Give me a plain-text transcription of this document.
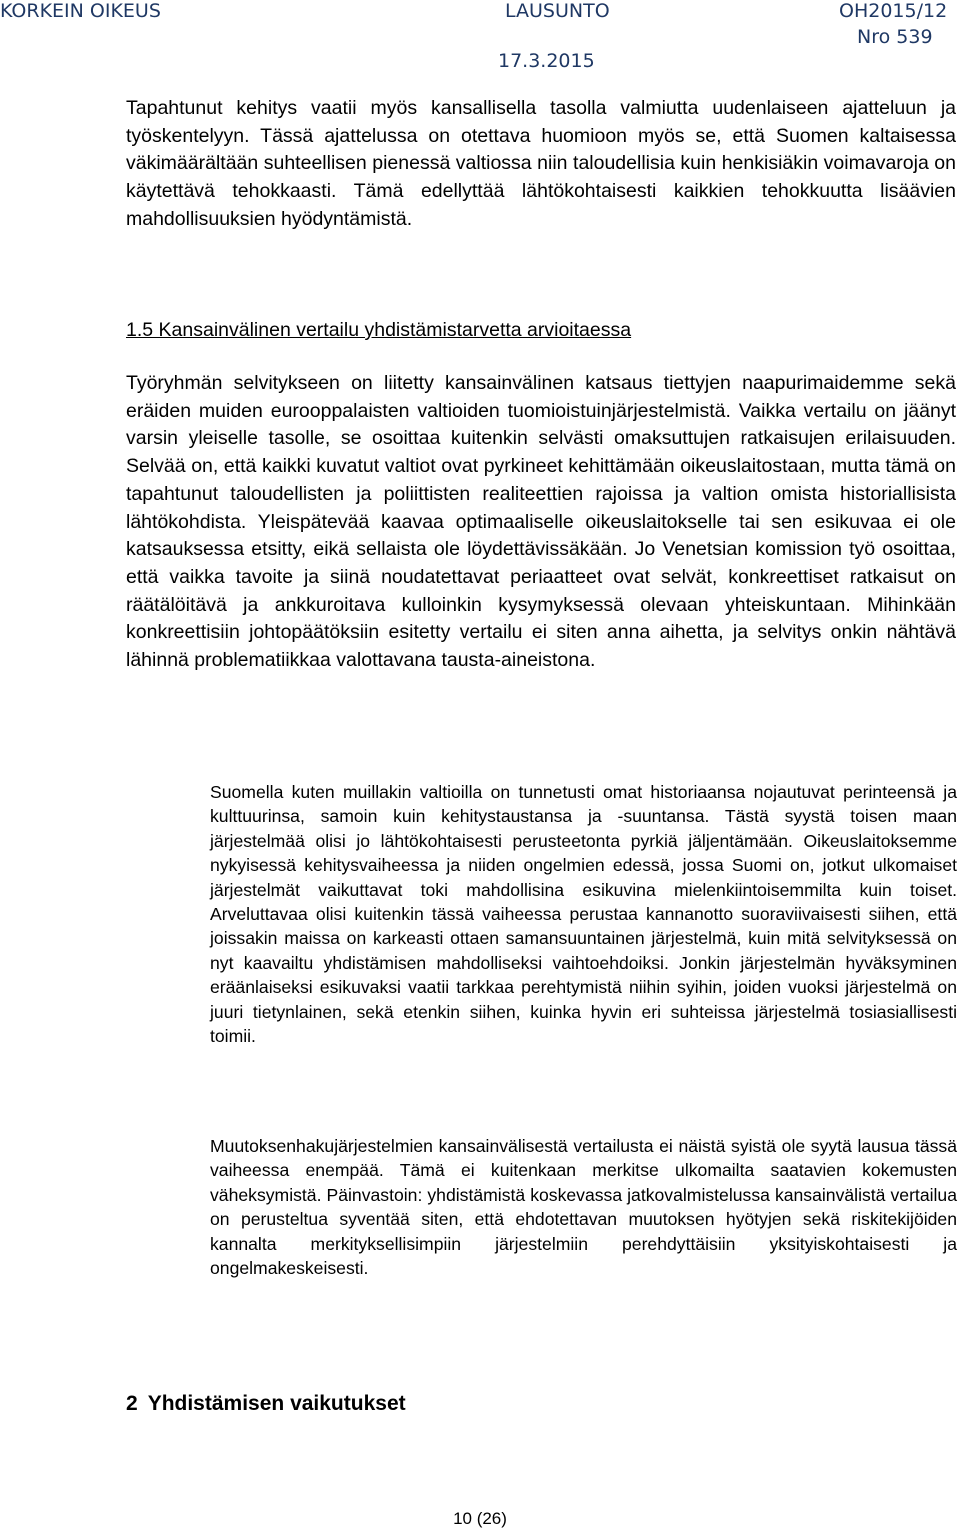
KORKEIN OIKEUS	LAUSUNTO	OH2015/12
Nro 539
17.3.2015

Tapahtunut kehitys vaatii myös kansallisella tasolla valmiutta uudenlaiseen ajatteluun ja työskentelyyn. Tässä ajattelussa on otettava huomioon myös se, että Suomen kaltaisessa väkimäärältään suhteellisen pienessä valtiossa niin taloudellisia kuin henkisiäkin voimavaroja on käytettävä tehokkaasti. Tämä edellyttää lähtökohtaisesti kaikkien tehokkuutta lisäävien mahdollisuuksien hyödyntämistä.

1.5 Kansainvälinen vertailu yhdistämistarvetta arvioitaessa

Työryhmän selvitykseen on liitetty kansainvälinen katsaus tiettyjen naapurimaidemme sekä eräiden muiden eurooppalaisten valtioiden tuomioistuinjärjestelmistä. Vaikka vertailu on jäänyt varsin yleiselle tasolle, se osoittaa kuitenkin selvästi omaksuttujen ratkaisujen erilaisuuden. Selvää on, että kaikki kuvatut valtiot ovat pyrkineet kehittämään oikeuslaitostaan, mutta tämä on tapahtunut taloudellisten ja poliittisten realiteettien rajoissa ja valtion omista historiallisista lähtökohdista. Yleispätevää kaavaa optimaaliselle oikeuslaitokselle tai sen esikuvaa ei ole katsauksessa etsitty, eikä sellaista ole löydettävissäkään. Jo Venetsian komission työ osoittaa, että vaikka tavoite ja siinä noudatettavat periaatteet ovat selvät, konkreettiset ratkaisut on räätälöitävä ja ankkuroitava kulloinkin kysymyksessä olevaan yhteiskuntaan. Mihinkään konkreettisiin johtopäätöksiin esitetty vertailu ei siten anna aihetta, ja selvitys onkin nähtävä lähinnä problematiikkaa valottavana tausta-aineistona.

Suomella kuten muillakin valtioilla on tunnetusti omat historiaansa nojautuvat perinteensä ja kulttuurinsa, samoin kuin kehitystaustansa ja -suuntansa. Tästä syystä toisen maan järjestelmää olisi jo lähtökohtaisesti perusteetonta pyrkiä jäljentämään. Oikeuslaitoksemme nykyisessä kehitysvaiheessa ja niiden ongelmien edessä, jossa Suomi on, jotkut ulkomaiset järjestelmät vaikuttavat toki mahdollisina esikuvina mielenkiintoisemmilta kuin toiset. Arveluttavaa olisi kuitenkin tässä vaiheessa perustaa kannanotto suoraviivaisesti siihen, että joissakin maissa on karkeasti ottaen samansuuntainen järjestelmä, kuin mitä selvityksessä on nyt kaavailtu yhdistämisen mahdolliseksi vaihtoehdoiksi. Jonkin järjestelmän hyväksyminen eräänlaiseksi esikuvaksi vaatii tarkkaa perehtymistä niihin syihin, joiden vuoksi järjestelmä on juuri tietynlainen, sekä etenkin siihen, kuinka hyvin eri suhteissa järjestelmä tosiasiallisesti toimii.

Muutoksenhakujärjestelmien kansainvälisestä vertailusta ei näistä syistä ole syytä lausua tässä vaiheessa enempää. Tämä ei kuitenkaan merkitse ulkomailta saatavien kokemusten väheksymistä. Päinvastoin: yhdistämistä koskevassa jatkovalmistelussa kansainvälistä vertailua on perusteltua syventää siten, että ehdotettavan muutoksen hyötyjen sekä riskitekijöiden kannalta merkityksellisimpiin järjestelmiin perehdyttäisiin yksityiskohtaisesti ja ongelmakeskeisesti.

2 Yhdistämisen vaikutukset
10 (26)
